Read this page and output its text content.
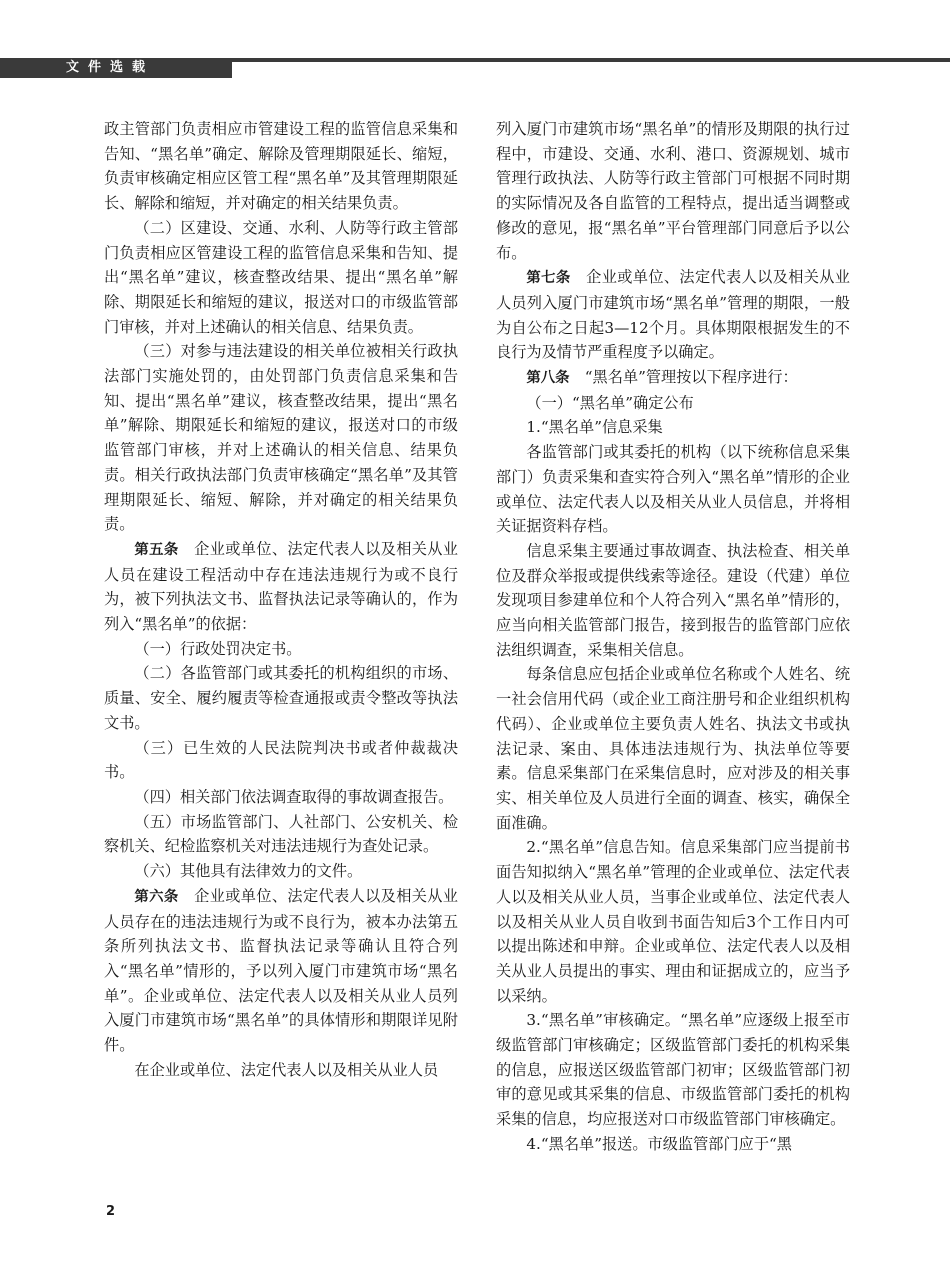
文件选载

政主管部门负责相应市管建设工程的监管信息采集和告知、“黑名单”确定、解除及管理期限延长、缩短，负责审核确定相应区管工程“黑名单”及其管理期限延长、解除和缩短，并对确定的相关结果负责。

（二）区建设、交通、水利、人防等行政主管部门负责相应区管建设工程的监管信息采集和告知、提出“黑名单”建议，核查整改结果、提出“黑名单”解除、期限延长和缩短的建议，报送对口的市级监管部门审核，并对上述确认的相关信息、结果负责。

（三）对参与违法建设的相关单位被相关行政执法部门实施处罚的，由处罚部门负责信息采集和告知、提出“黑名单”建议，核查整改结果，提出“黑名单”解除、期限延长和缩短的建议，报送对口的市级监管部门审核，并对上述确认的相关信息、结果负责。相关行政执法部门负责审核确定“黑名单”及其管理期限延长、缩短、解除，并对确定的相关结果负责。

第五条　 企业或单位、法定代表人以及相关从业人员在建设工程活动中存在违法违规行为或不良行为，被下列执法文书、监督执法记录等确认的，作为列入“黑名单”的依据：

（一）行政处罚决定书。

（二）各监管部门或其委托的机构组织的市场、质量、安全、履约履责等检查通报或责令整改等执法文书。

（三）已生效的人民法院判决书或者仲裁裁决书。

（四）相关部门依法调查取得的事故调查报告。

（五）市场监管部门、人社部门、公安机关、检察机关、纪检监察机关对违法违规行为查处记录。

（六）其他具有法律效力的文件。

第六条　 企业或单位、法定代表人以及相关从业人员存在的违法违规行为或不良行为，被本办法第五条所列执法文书、监督执法记录等确认且符合列入“黑名单”情形的，予以列入厦门市建筑市场“黑名单”。企业或单位、法定代表人以及相关从业人员列入厦门市建筑市场“黑名单”的具体情形和期限详见附件。

在企业或单位、法定代表人以及相关从业人员

列入厦门市建筑市场“黑名单”的情形及期限的执行过程中，市建设、交通、水利、港口、资源规划、城市管理行政执法、人防等行政主管部门可根据不同时期的实际情况及各自监管的工程特点，提出适当调整或修改的意见，报“黑名单”平台管理部门同意后予以公布。

第七条　 企业或单位、法定代表人以及相关从业人员列入厦门市建筑市场“黑名单”管理的期限，一般为自公布之日起3—12个月。具体期限根据发生的不良行为及情节严重程度予以确定。

第八条　 “黑名单”管理按以下程序进行：

（一）“黑名单”确定公布

1.“黑名单”信息采集

各监管部门或其委托的机构（以下统称信息采集部门）负责采集和查实符合列入“黑名单”情形的企业或单位、法定代表人以及相关从业人员信息，并将相关证据资料存档。

信息采集主要通过事故调查、执法检查、相关单位及群众举报或提供线索等途径。建设（代建）单位发现项目参建单位和个人符合列入“黑名单”情形的，应当向相关监管部门报告，接到报告的监管部门应依法组织调查，采集相关信息。

每条信息应包括企业或单位名称或个人姓名、统一社会信用代码（或企业工商注册号和企业组织机构代码）、企业或单位主要负责人姓名、执法文书或执法记录、案由、具体违法违规行为、执法单位等要素。信息采集部门在采集信息时，应对涉及的相关事实、相关单位及人员进行全面的调查、核实，确保全面准确。

2.“黑名单”信息告知。信息采集部门应当提前书面告知拟纳入“黑名单”管理的企业或单位、法定代表人以及相关从业人员，当事企业或单位、法定代表人以及相关从业人员自收到书面告知后3个工作日内可以提出陈述和申辩。企业或单位、法定代表人以及相关从业人员提出的事实、理由和证据成立的，应当予以采纳。

3.“黑名单”审核确定。“黑名单”应逐级上报至市级监管部门审核确定；区级监管部门委托的机构采集的信息，应报送区级监管部门初审；区级监管部门初审的意见或其采集的信息、市级监管部门委托的机构采集的信息，均应报送对口市级监管部门审核确定。

4.“黑名单”报送。市级监管部门应于“黑

2
